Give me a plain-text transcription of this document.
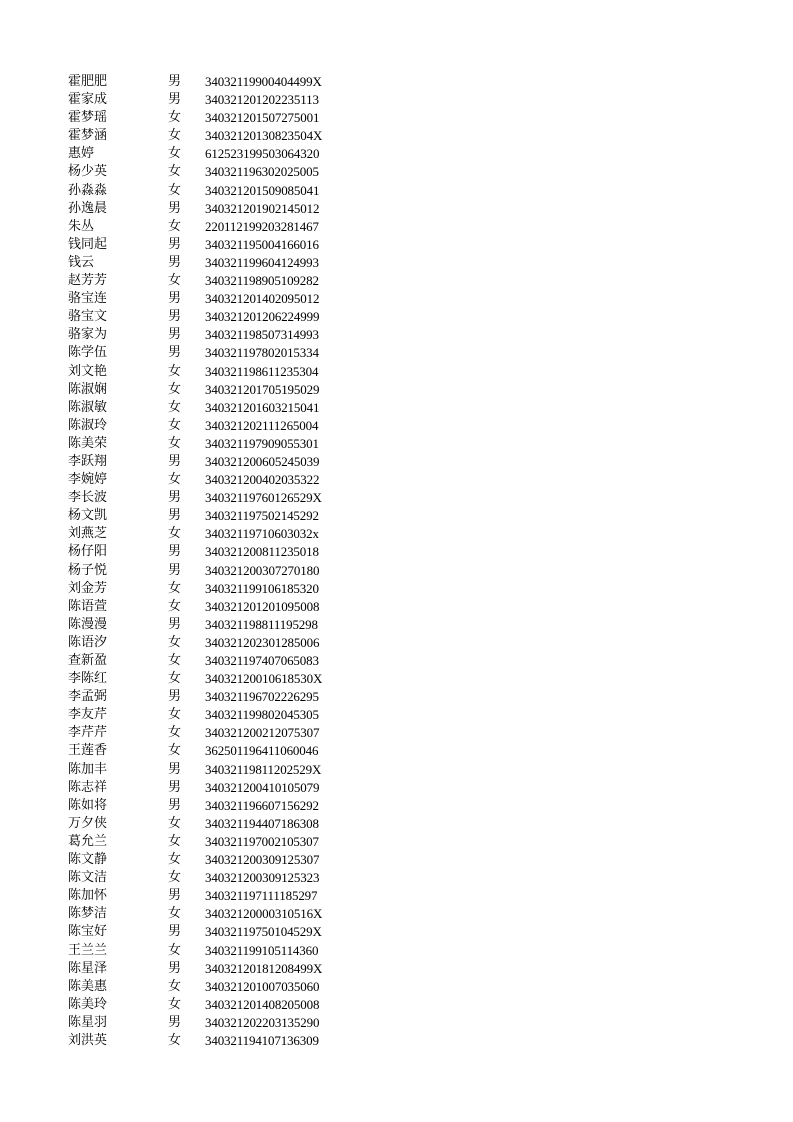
霍肥肥	男	34032119900404499X
霍家成	男	340321201202235113
霍梦瑶	女	340321201507275001
霍梦涵	女	34032120130823504X
惠婷	女	612523199503064320
杨少英	女	340321196302025005
孙淼淼	女	340321201509085041
孙逸晨	男	340321201902145012
朱丛	女	220112199203281467
钱同起	男	340321195004166016
钱云	男	340321199604124993
赵芳芳	女	340321198905109282
骆宝连	男	340321201402095012
骆宝文	男	340321201206224999
骆家为	男	340321198507314993
陈学伍	男	340321197802015334
刘文艳	女	340321198611235304
陈淑娴	女	340321201705195029
陈淑敏	女	340321201603215041
陈淑玲	女	340321202111265004
陈美荣	女	340321197909055301
李跃翔	男	340321200605245039
李婉婷	女	340321200402035322
李长波	男	34032119760126529X
杨文凯	男	340321197502145292
刘燕芝	女	34032119710603032x
杨仔阳	男	340321200811235018
杨子悦	男	340321200307270180
刘金芳	女	340321199106185320
陈语萱	女	340321201201095008
陈漫漫	男	340321198811195298
陈语汐	女	340321202301285006
查新盈	女	340321197407065083
李陈红	女	34032120010618530X
李孟弼	男	340321196702226295
李友芹	女	340321199802045305
李芹芹	女	340321200212075307
王莲香	女	362501196411060046
陈加丰	男	34032119811202529X
陈志祥	男	340321200410105079
陈如将	男	340321196607156292
万夕侠	女	340321194407186308
葛允兰	女	340321197002105307
陈文静	女	340321200309125307
陈文洁	女	340321200309125323
陈加怀	男	340321197111185297
陈梦洁	女	34032120000310516X
陈宝好	男	34032119750104529X
王兰兰	女	340321199105114360
陈星泽	男	34032120181208499X
陈美惠	女	340321201007035060
陈美玲	女	340321201408205008
陈星羽	男	340321202203135290
刘洪英	女	340321194107136309
